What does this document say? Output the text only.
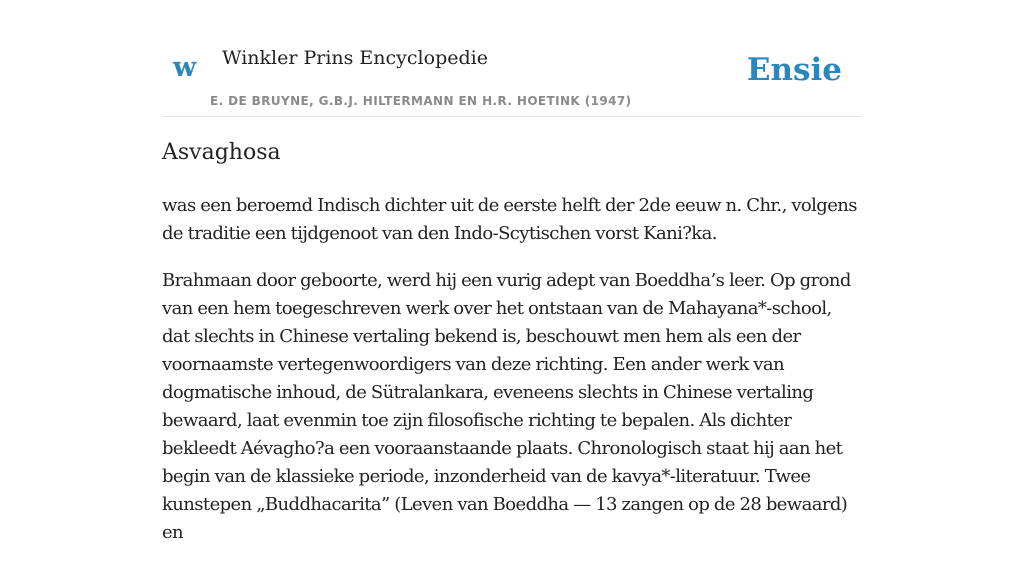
w Winkler Prins Encyclopedie
E. DE BRUYNE, G.B.J. HILTERMANN EN H.R. HOETINK (1947)
Ensie
Asvaghosa

was een beroemd Indisch dichter uit de eerste helft der 2de eeuw n. Chr., volgens de traditie een tijdgenoot van den Indo-Scytischen vorst Kani?ka.

Brahmaan door geboorte, werd hij een vurig adept van Boeddha’s leer. Op grond van een hem toegeschreven werk over het ontstaan van de Mahayana*-school, dat slechts in Chinese vertaling bekend is, beschouwt men hem als een der voornaamste vertegenwoordigers van deze richting. Een ander werk van dogmatische inhoud, de Sütralankara, eveneens slechts in Chinese vertaling bewaard, laat evenmin toe zijn filosofische richting te bepalen. Als dichter bekleedt Aévagho?a een vooraanstaande plaats. Chronologisch staat hij aan het begin van de klassieke periode, inzonderheid van de kavya*-literatuur. Twee kunstepen „Buddhacarita” (Leven van Boeddha — 13 zangen op de 28 bewaard) en
